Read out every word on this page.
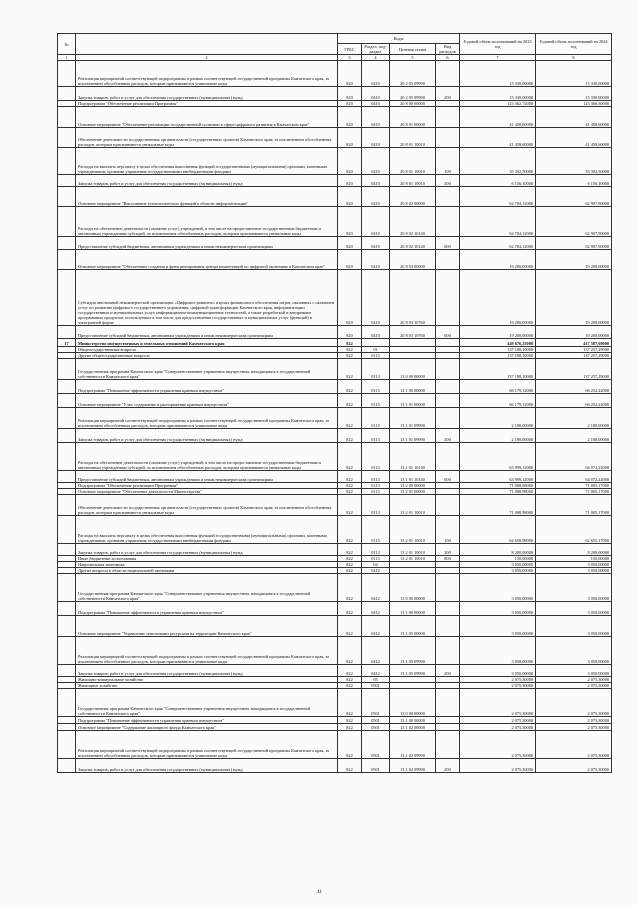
№		Коды				Годовой объем ассигнований на 2023 год	Годовой объем ассигнований на 2024 год
		ГРБС	Раздел, под-раздел	Целевая статья	Вид расходов		
1	2	3	4	5	6	7	8
	Реализация мероприятий соответствующей подпрограммы в рамках соответствующей государственной программы Камчатского края, за исключением обособленных расходов, которым присваиваются уникальные коды	820	0410	20 2 05 09990		15 330,00000	15 330,00000
	Закупка товаров, работ и услуг для обеспечения государственных (муниципальных) нужд	820	0410	20 2 05 09990	200	15 330,00000	15 330,00000
	Подпрограмма "Обеспечение реализации Программы"	820	0410	20 8 00 00000		123 362,72000	123 366,30000
	Основное мероприятие "Обеспечение реализации государственной политики в сфере цифрового развития в Камчатском крае"	820	0410	20 8 01 00000		41 458,60000	41 458,60000
	Обеспечение деятельности государственных органов власти (государственных органов) Камчатского края, за исключением обособленных расходов, которым присваиваются уникальные коды	820	0410	20 8 01 10010		41 458,60000	41 458,60000
	Расходы на выплаты персоналу в целях обеспечения выполнения функций государственными (муниципальными) органами, казенными учреждениями, органами управления государственными внебюджетными фондами	820	0410	20 8 01 10010	100	35 302,50000	35 302,50000
	Закупка товаров, работ и услуг для обеспечения государственных (муниципальных) нужд	820	0410	20 8 01 10010	200	6 156,10000	6 156,10000
	Основное мероприятие "Выполнение технологических функций в области информатизации"	820	0410	20 8 02 00000		62 704,12000	62 907,90000
	Расходы на обеспечение деятельности (оказание услуг) учреждений, в том числе на предоставление государственным бюджетным и автономным учреждениям субсидий, за исключением обособленных расходов, которым присваиваются уникальные коды	820	0410	20 8 02 10140		62 704,12000	62 907,90000
	Предоставление субсидий бюджетным, автономным учреждениям и иным некоммерческим организациям	820	0410	20 8 02 10140	600	62 704,12000	62 907,90000
	Основное мероприятие "Обеспечение создания и функционирования центра компетенций по цифровой экономике в Камчатском крае"	820	0410	20 8 03 00000		19 200,00000	19 200,00000
	Субсидия автономной некоммерческой организации «Цифровое развитие» в целях финансового обеспечения затрат, связанных с оказанием услуг по развитию цифрового государственного управления, цифровой трансформации Камчатского края, информатизации государственных и муниципальных услуг, информационно-коммуникационных технологий, а также разработкой и внедрением программных продуктов, используемых в том числе для предоставления государственных и муниципальных услуг (функций) в электронной форме	820	0410	20 8 03 10760		19 200,00000	19 200,00000
	Предоставление субсидий бюджетным, автономным учреждениям и иным некоммерческим организациям	820	0410	20 8 03 10760	600	19 200,00000	19 200,00000
17	Министерство имущественных и земельных отношений Камчатского края	822				449 676,35000	417 587,69000
	Общегосударственные вопросы	822	01			137 188,10000	137 257,29000
	Другие общегосударственные вопросы	822	0113			137 188,10000	137 257,29000
	Государственная программа Камчатского края "Совершенствование управления имуществом, находящимся в государственной собственности Камчатского края"	822	0113	13 0 00 00000		137 188,10000	137 257,29000
	Подпрограмма "Повышение эффективности управления краевым имуществом"	822	0113	13 1 00 00000		66 179,12000	66 252,22000
	Основное мероприятие "Учет, содержание и распоряжение краевым имуществом"	822	0113	13 1 01 00000		66 179,12000	66 252,22000
	Реализация мероприятий соответствующей подпрограммы в рамках соответствующей государственной программы Камчатского края, за исключением обособленных расходов, которым присваиваются уникальные коды	822	0113	13 1 01 09990		2 180,00000	2 180,00000
	Закупка товаров, работ и услуг для обеспечения государственных (муниципальных) нужд	822	0113	13 1 01 09990	200	2 180,00000	2 180,00000
	Расходы на обеспечение деятельности (оказание услуг) учреждений, в том числе на предоставление государственным бюджетным и автономным учреждениям субсидий, за исключением обособленных расходов, которым присваиваются уникальные коды	822	0113	13 1 01 10140		63 999,12000	64 072,22000
	Предоставление субсидий бюджетным, автономным учреждениям и иным некоммерческим организациям	822	0113	13 1 01 10140	600	63 999,12000	64 072,22000
	Подпрограмма "Обеспечение реализации Программы"	822	0113	13 2 00 00000		71 008,98000	71 005,17000
	Основное мероприятие "Обеспечение деятельности Министерства"	822	0113	13 2 01 00000		71 008,98000	71 005,17000
	Обеспечение деятельности государственных органов власти (государственных органов) Камчатского края, за исключением обособленных расходов, которым присваиваются уникальные коды	822	0113	13 2 01 10010		71 008,98000	71 005,17000
	Расходы на выплаты персоналу в целях обеспечения выполнения функций государственными (муниципальными) органами, казенными учреждениями, органами управления государственными внебюджетными фондами	822	0113	13 2 01 10010	100	62 658,98000	62 655,17000
	Закупка товаров, работ и услуг для обеспечения государственных (муниципальных) нужд	822	0113	13 2 01 10010	200	8 200,00000	8 200,00000
	Иные бюджетные ассигнования	822	0113	13 2 01 10010	800	150,00000	150,00000
	Национальная экономика	822	04			3 050,00000	3 050,00000
	Другие вопросы в области национальной экономики	822	0412			3 050,00000	3 050,00000
	Государственная программа Камчатского края "Совершенствование управления имуществом, находящимся в государственной собственности Камчатского края"	822	0412	13 0 00 00000		3 050,00000	3 050,00000
	Подпрограмма "Повышение эффективности управления краевым имуществом"	822	0412	13 1 00 00000		3 050,00000	3 050,00000
	Основное мероприятие "Управление земельными ресурсами на территории Камчатского края"	822	0412	13 1 05 00000		3 050,00000	3 050,00000
	Реализация мероприятий соответствующей подпрограммы в рамках соответствующей государственной программы Камчатского края, за исключением обособленных расходов, которым присваиваются уникальные коды	822	0412	13 1 05 09990		3 050,00000	3 050,00000
	Закупка товаров, работ и услуг для обеспечения государственных (муниципальных) нужд	822	0412	13 1 05 09990	200	3 050,00000	3 050,00000
	Жилищно-коммунальное хозяйство	822	05			2 075,30000	2 075,30000
	Жилищное хозяйство	822	0501			2 075,30000	2 075,30000
	Государственная программа Камчатского края "Совершенствование управления имуществом, находящимся в государственной собственности Камчатского края"	822	0501	13 0 00 00000		2 075,30000	2 075,30000
	Подпрограмма "Повышение эффективности управления краевым имуществом"	822	0501	13 1 00 00000		2 075,30000	2 075,30000
	Основное мероприятие "Содержание жилищного фонда Камчатского края"	822	0501	13 1 02 00000		2 075,30000	2 075,30000
	Реализация мероприятий соответствующей подпрограммы в рамках соответствующей государственной программы Камчатского края, за исключением обособленных расходов, которым присваиваются уникальные коды	822	0501	13 1 02 09990		2 075,30000	2 075,30000
	Закупка товаров, работ и услуг для обеспечения государственных (муниципальных) нужд	822	0501	13 1 02 09990	200	2 075,30000	2 075,30000
41
